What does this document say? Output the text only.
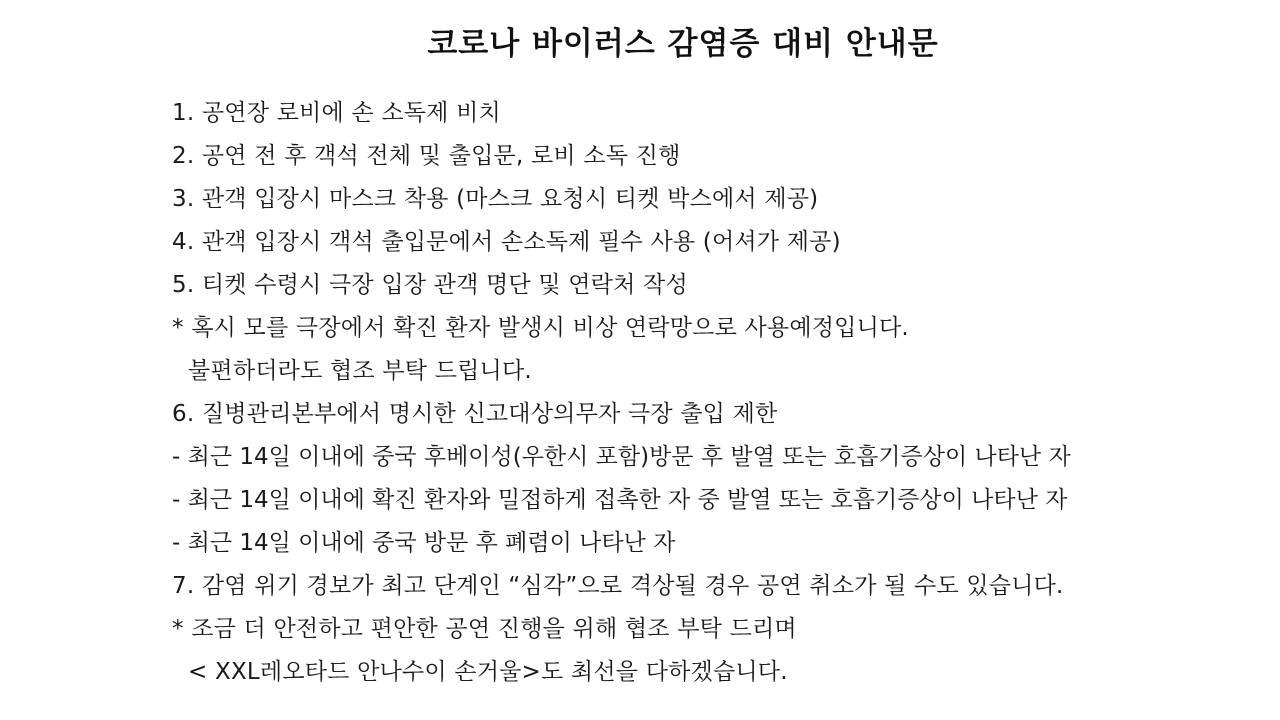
코로나 바이러스 감염증 대비 안내문
1. 공연장 로비에 손 소독제 비치
2. 공연 전 후 객석 전체 및 출입문, 로비 소독 진행
3. 관객 입장시 마스크 착용 (마스크 요청시 티켓 박스에서 제공)
4. 관객 입장시 객석 출입문에서 손소독제 필수 사용 (어셔가 제공)
5. 티켓 수령시 극장 입장 관객 명단 및 연락처 작성
* 혹시 모를 극장에서 확진 환자 발생시 비상 연락망으로 사용예정입니다.
불편하더라도 협조 부탁 드립니다.
6. 질병관리본부에서 명시한 신고대상의무자 극장 출입 제한
- 최근 14일 이내에 중국 후베이성(우한시 포함)방문 후 발열 또는 호흡기증상이 나타난 자
- 최근 14일 이내에 확진 환자와 밀접하게 접촉한 자 중 발열 또는 호흡기증상이 나타난 자
- 최근 14일 이내에 중국 방문 후 폐렴이 나타난 자
7. 감염 위기 경보가 최고 단계인 “심각”으로 격상될 경우 공연 취소가 될 수도 있습니다.
* 조금 더 안전하고 편안한 공연 진행을 위해 협조 부탁 드리며
< XXL레오타드 안나수이 손거울>도 최선을 다하겠습니다.
